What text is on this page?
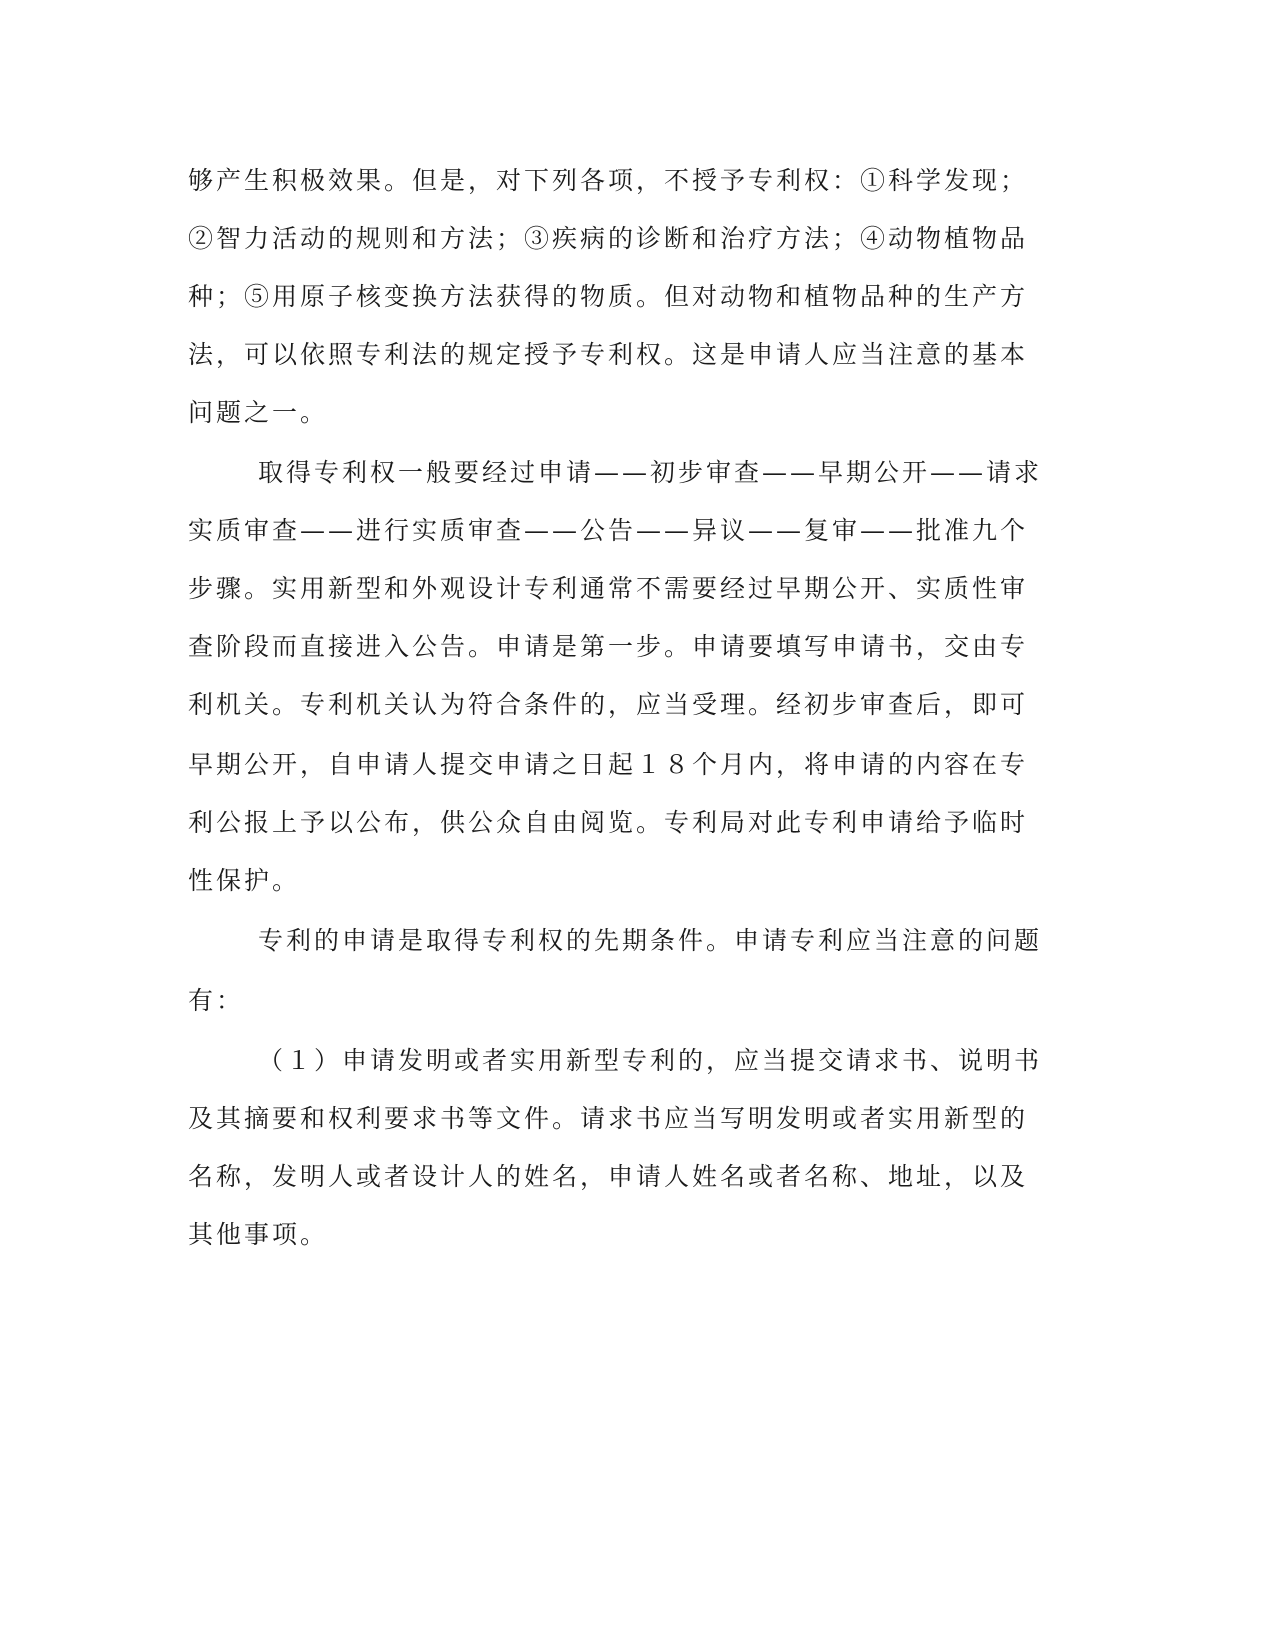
够产生积极效果。但是，对下列各项，不授予专利权：①科学发现；
②智力活动的规则和方法；③疾病的诊断和治疗方法；④动物植物品
种；⑤用原子核变换方法获得的物质。但对动物和植物品种的生产方
法，可以依照专利法的规定授予专利权。这是申请人应当注意的基本
问题之一。
取得专利权一般要经过申请——初步审查——早期公开——请求
实质审查——进行实质审查——公告——异议——复审——批准九个
步骤。实用新型和外观设计专利通常不需要经过早期公开、实质性审
查阶段而直接进入公告。申请是第一步。申请要填写申请书，交由专
利机关。专利机关认为符合条件的，应当受理。经初步审查后，即可
早期公开，自申请人提交申请之日起１８个月内，将申请的内容在专
利公报上予以公布，供公众自由阅览。专利局对此专利申请给予临时
性保护。
专利的申请是取得专利权的先期条件。申请专利应当注意的问题
有：
（１）申请发明或者实用新型专利的，应当提交请求书、说明书
及其摘要和权利要求书等文件。请求书应当写明发明或者实用新型的
名称，发明人或者设计人的姓名，申请人姓名或者名称、地址，以及
其他事项。
